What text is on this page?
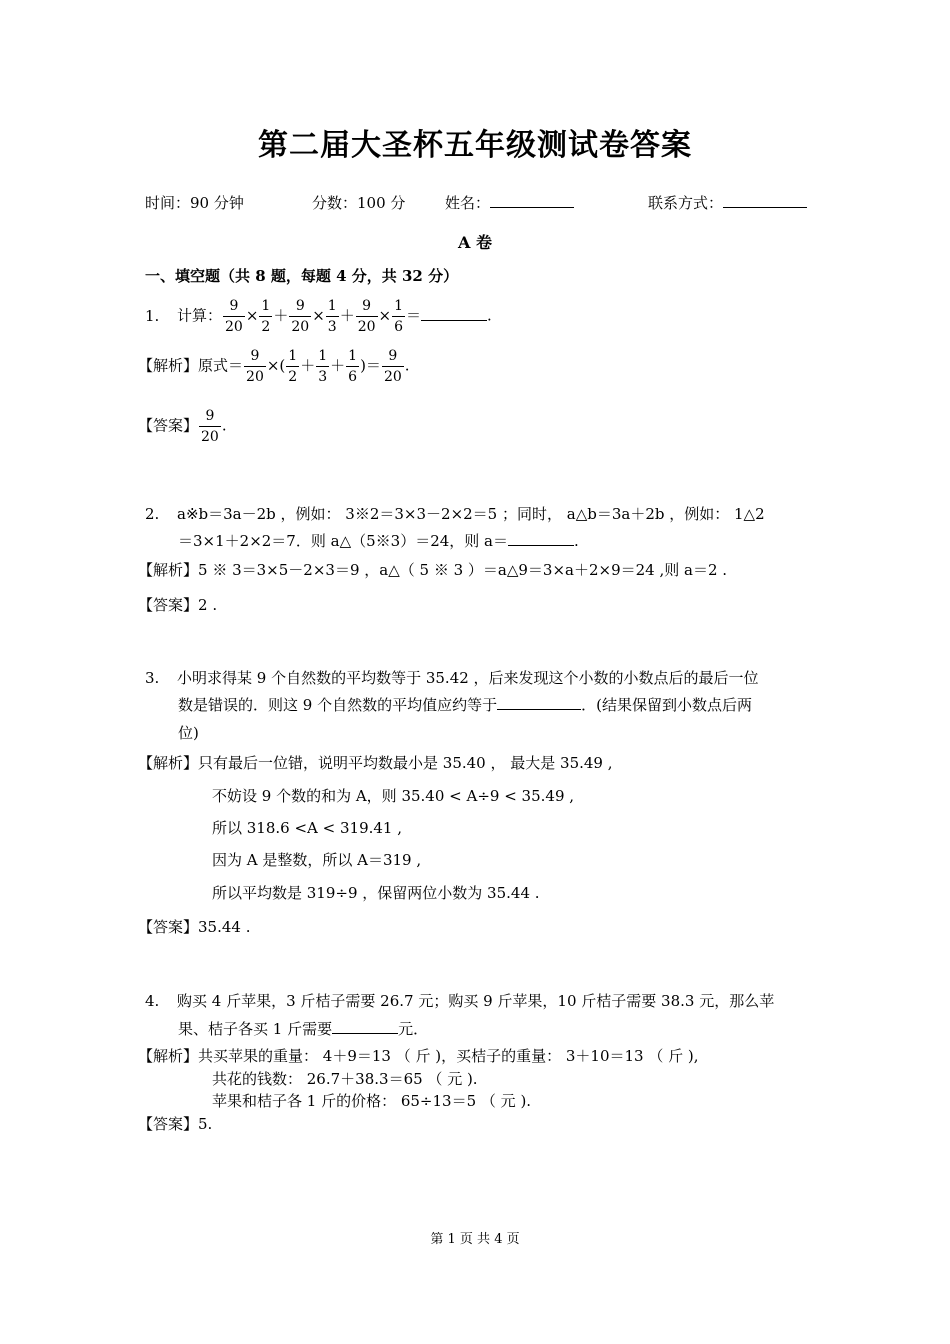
第二届大圣杯五年级测试卷答案
时间：90 分钟	分数：100 分	姓名：	联系方式：
A 卷
一、填空题（共 8 题，每题 4 分，共 32 分）
1. 计算： $\frac{9}{20} \times \frac{1}{2} + \frac{9}{20} \times \frac{1}{3} + \frac{9}{20} \times \frac{1}{6}$ ＝	.
【解析】原式＝ $\frac{9}{20}$ ×( $\frac{1}{2} + \frac{1}{3} + \frac{1}{6}$ )＝ $\frac{9}{20}$ .
【答案】 $\frac{9}{20}$ .
2. a※b＝3a－2b ，例如： 3※2＝3×3－2×2＝5 ；同时， a△b＝3a＋2b ，例如： 1△2
＝3×1＋2×2＝7．则 a△（5※3）＝24，则 a＝	.
【解析】5 ※ 3＝3×5－2×3＝9 ，a△（ 5 ※ 3 ）＝a△9＝3×a＋2×9＝24 ,则 a＝2 .
【答案】2 .
3. 小明求得某 9 个自然数的平均数等于 35.42 ，后来发现这个小数的小数点后的最后一位
数是错误的．则这 9 个自然数的平均值应约等于	．(结果保留到小数点后两
位)
【解析】只有最后一位错，说明平均数最小是 35.40 ， 最大是 35.49 ,
不妨设 9 个数的和为 A，则 35.40 < A÷9 < 35.49 ,
所以 318.6 <A < 319.41 ,
因为 A 是整数，所以 A＝319 ,
所以平均数是 319÷9 ，保留两位小数为 35.44 .
【答案】35.44 .
4. 购买 4 斤苹果，3 斤桔子需要 26.7 元；购买 9 斤苹果，10 斤桔子需要 38.3 元，那么苹
果、桔子各买 1 斤需要	元．
【解析】共买苹果的重量： 4＋9＝13 （ 斤 )，买桔子的重量： 3＋10＝13 （ 斤 ),
共花的钱数： 26.7＋38.3＝65 （ 元 ).
苹果和桔子各 1 斤的价格： 65÷13＝5 （ 元 ).
【答案】5.
第 1 页 共 4 页
